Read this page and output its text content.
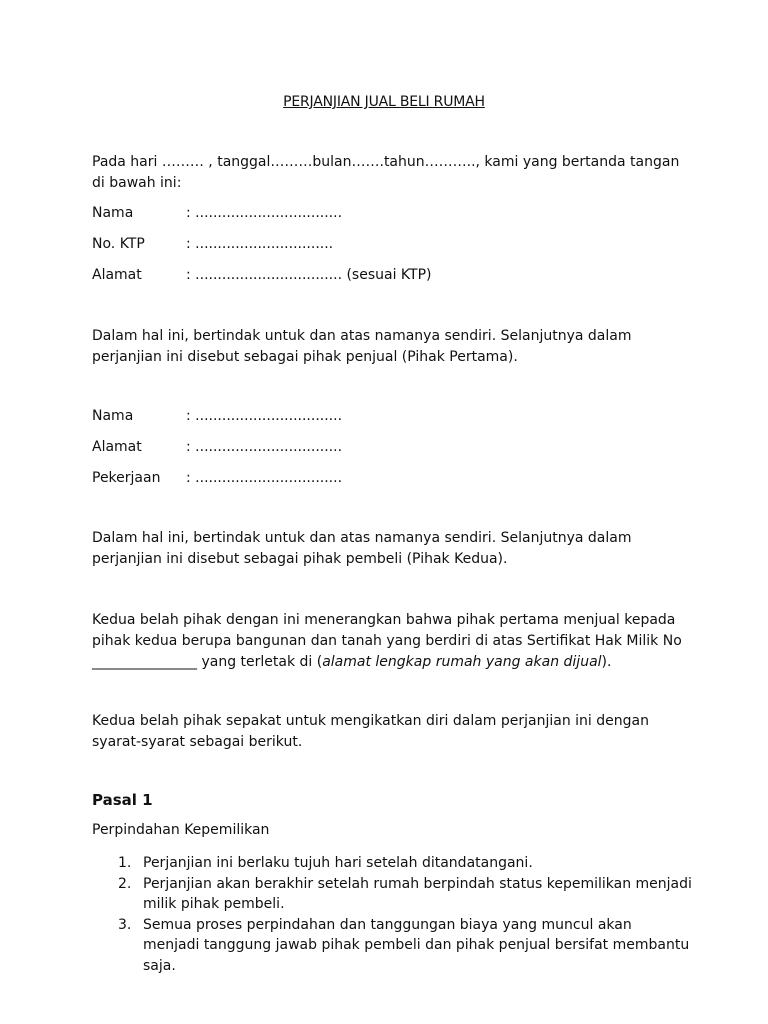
PERJANJIAN JUAL BELI RUMAH

Pada hari ……… , tanggal………bulan…….tahun……….., kami yang bertanda tangan di bawah ini:

Nama	: .................................
No. KTP	: ...............................
Alamat	: ................................. (sesuai KTP)

Dalam hal ini, bertindak untuk dan atas namanya sendiri. Selanjutnya dalam perjanjian ini disebut sebagai pihak penjual (Pihak Pertama).

Nama	: .................................
Alamat	: .................................
Pekerjaan : .................................

Dalam hal ini, bertindak untuk dan atas namanya sendiri. Selanjutnya dalam perjanjian ini disebut sebagai pihak pembeli (Pihak Kedua).

Kedua belah pihak dengan ini menerangkan bahwa pihak pertama menjual kepada pihak kedua berupa bangunan dan tanah yang berdiri di atas Sertifikat Hak Milik No _______________ yang terletak di (alamat lengkap rumah yang akan dijual).

Kedua belah pihak sepakat untuk mengikatkan diri dalam perjanjian ini dengan syarat-syarat sebagai berikut.

Pasal 1
Perpindahan Kepemilikan
1. Perjanjian ini berlaku tujuh hari setelah ditandatangani.
2. Perjanjian akan berakhir setelah rumah berpindah status kepemilikan menjadi milik pihak pembeli.
3. Semua proses perpindahan dan tanggungan biaya yang muncul akan menjadi tanggung jawab pihak pembeli dan pihak penjual bersifat membantu saja.
